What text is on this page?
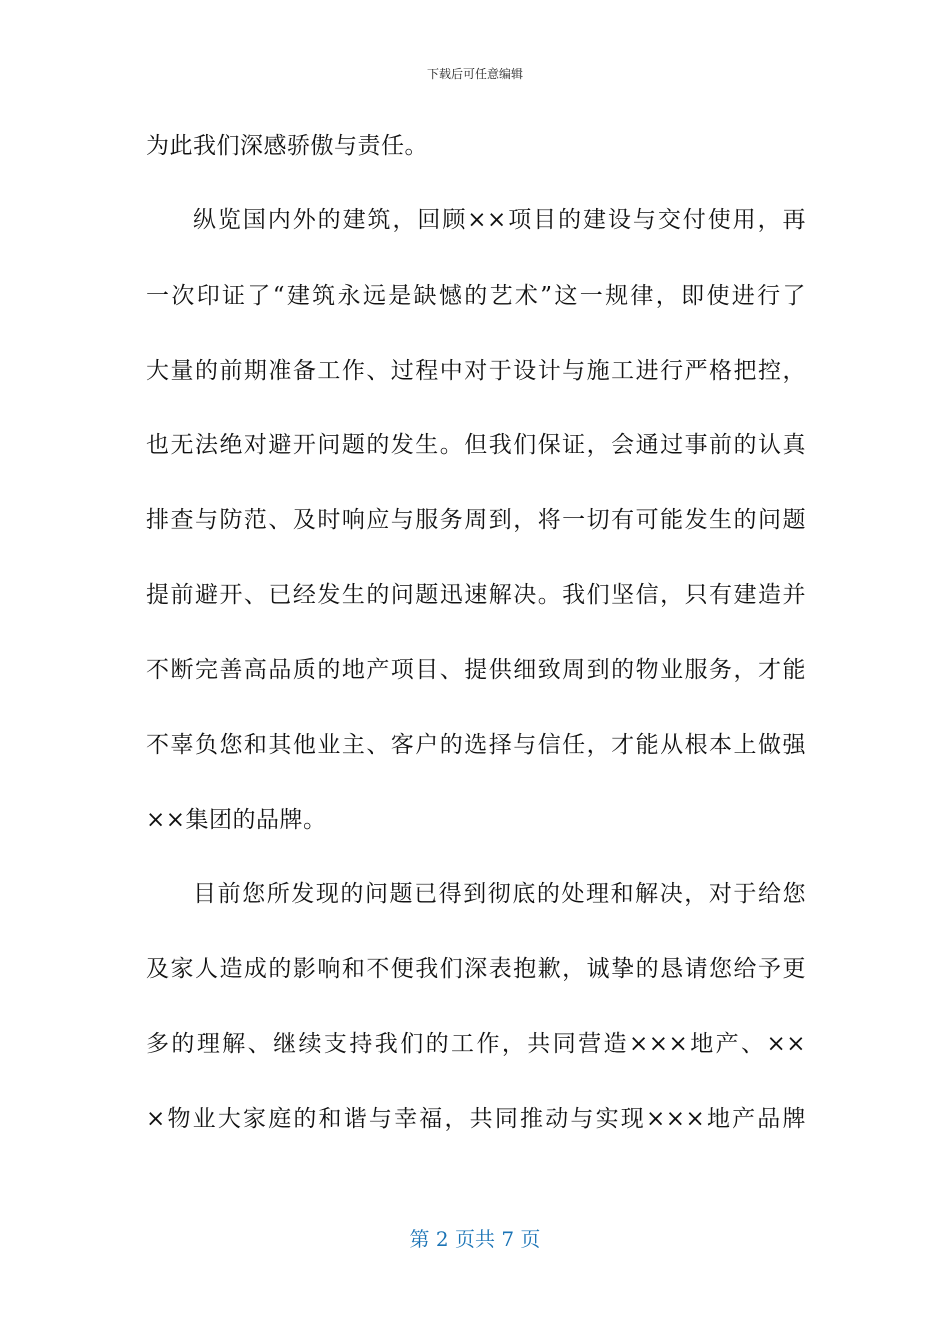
下载后可任意编辑
为此我们深感骄傲与责任。
纵览国内外的建筑，回顾××项目的建设与交付使用，再
一次印证了“建筑永远是缺憾的艺术”这一规律，即使进行了
大量的前期准备工作、过程中对于设计与施工进行严格把控，
也无法绝对避开问题的发生。但我们保证，会通过事前的认真
排查与防范、及时响应与服务周到，将一切有可能发生的问题
提前避开、已经发生的问题迅速解决。我们坚信，只有建造并
不断完善高品质的地产项目、提供细致周到的物业服务，才能
不辜负您和其他业主、客户的选择与信任，才能从根本上做强
××集团的品牌。
目前您所发现的问题已得到彻底的处理和解决，对于给您
及家人造成的影响和不便我们深表抱歉，诚挚的恳请您给予更
多的理解、继续支持我们的工作，共同营造×××地产、××
×物业大家庭的和谐与幸福，共同推动与实现×××地产品牌
第 2 页共 7 页
